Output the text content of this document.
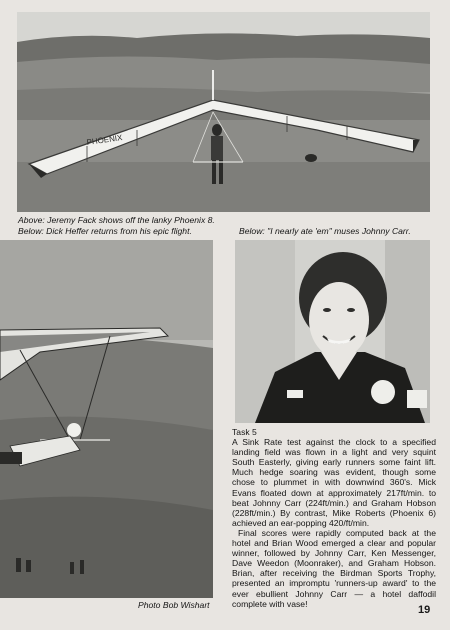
PHOENIX
Above: Jeremy Fack shows off the lanky Phoenix 8.
Below: Dick Heffer returns from his epic flight.	Below: "I nearly ate 'em" muses Johnny Carr.

Task 5

A Sink Rate test against the clock to a specified landing field was flown in a light and very squint South Easterly, giving early runners some faint lift. Much hedge soaring was evident, though some chose to plummet in with downwind 360's. Mick Evans floated down at approximately 217ft/min. to beat Johnny Carr (224ft/min.) and Graham Hobson (228ft/min.) By contrast, Mike Roberts (Phoenix 6) achieved an ear-popping 420/ft/min.

Final scores were rapidly computed back at the hotel and Brian Wood emerged a clear and popular winner, followed by Johnny Carr, Ken Messenger, Dave Weedon (Moonraker), and Graham Hobson. Brian, after receiving the Birdman Sports Trophy, presented an impromptu 'runners-up award' to the ever ebullient Johnny Carr — a hotel daffodil complete with vase!

Photo Bob Wishart	19
